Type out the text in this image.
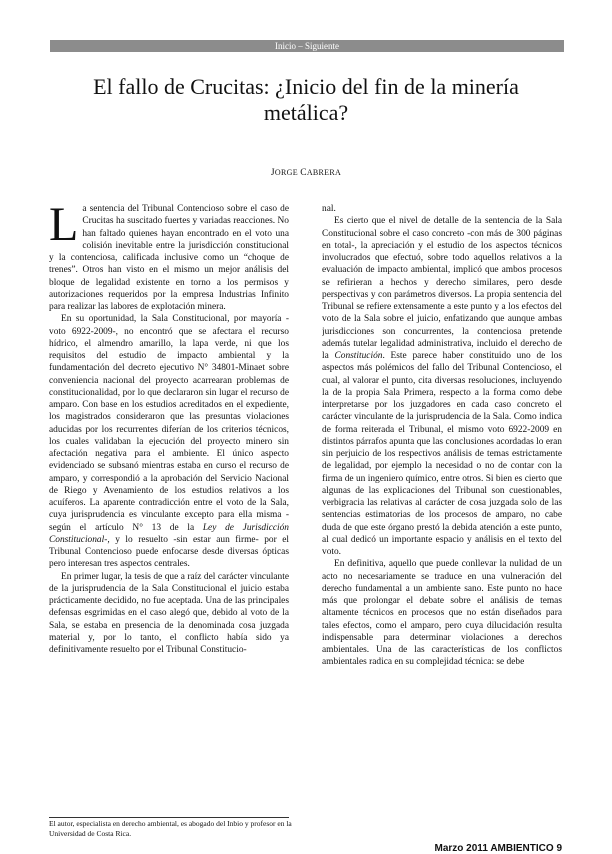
Inicio – Siguiente
El fallo de Crucitas: ¿Inicio del fin de la minería metálica?
JORGE CABRERA

La sentencia del Tribunal Contencioso sobre el caso de Crucitas ha suscitado fuertes y variadas reacciones. No han faltado quienes hayan encontrado en el voto una colisión inevitable entre la jurisdicción constitucional y la contenciosa, calificada inclusive como un “choque de trenes”. Otros han visto en el mismo un mejor análisis del bloque de legalidad existente en torno a los permisos y autorizaciones requeridos por la empresa Industrias Infinito para realizar las labores de explotación minera.

En su oportunidad, la Sala Constitucional, por mayoría -voto 6922-2009-, no encontró que se afectara el recurso hídrico, el almendro amarillo, la lapa verde, ni que los requisitos del estudio de impacto ambiental y la fundamentación del decreto ejecutivo N° 34801-Minaet sobre conveniencia nacional del proyecto acarrearan problemas de constitucionalidad, por lo que declararon sin lugar el recurso de amparo. Con base en los estudios acreditados en el expediente, los magistrados consideraron que las presuntas violaciones aducidas por los recurrentes diferían de los criterios técnicos, los cuales validaban la ejecución del proyecto minero sin afectación negativa para el ambiente. El único aspecto evidenciado se subsanó mientras estaba en curso el recurso de amparo, y correspondió a la aprobación del Servicio Nacional de Riego y Avenamiento de los estudios relativos a los acuíferos. La aparente contradicción entre el voto de la Sala, cuya jurisprudencia es vinculante excepto para ella misma -según el artículo N° 13 de la Ley de Jurisdicción Constitucional-, y lo resuelto -sin estar aun firme- por el Tribunal Contencioso puede enfocarse desde diversas ópticas pero interesan tres aspectos centrales.

En primer lugar, la tesis de que a raíz del carácter vinculante de la jurisprudencia de la Sala Constitucional el juicio estaba prácticamente decidido, no fue aceptada. Una de las principales defensas esgrimidas en el caso alegó que, debido al voto de la Sala, se estaba en presencia de la denominada cosa juzgada material y, por lo tanto, el conflicto había sido ya definitivamente resuelto por el Tribunal Constitucio-

nal.

Es cierto que el nivel de detalle de la sentencia de la Sala Constitucional sobre el caso concreto -con más de 300 páginas en total-, la apreciación y el estudio de los aspectos técnicos involucrados que efectuó, sobre todo aquellos relativos a la evaluación de impacto ambiental, implicó que ambos procesos se refirieran a hechos y derecho similares, pero desde perspectivas y con parámetros diversos. La propia sentencia del Tribunal se refiere extensamente a este punto y a los efectos del voto de la Sala sobre el juicio, enfatizando que aunque ambas jurisdicciones son concurrentes, la contenciosa pretende además tutelar legalidad administrativa, incluido el derecho de la Constitución. Este parece haber constituido uno de los aspectos más polémicos del fallo del Tribunal Contencioso, el cual, al valorar el punto, cita diversas resoluciones, incluyendo la de la propia Sala Primera, respecto a la forma como debe interpretarse por los juzgadores en cada caso concreto el carácter vinculante de la jurisprudencia de la Sala. Como indica de forma reiterada el Tribunal, el mismo voto 6922-2009 en distintos párrafos apunta que las conclusiones acordadas lo eran sin perjuicio de los respectivos análisis de temas estrictamente de legalidad, por ejemplo la necesidad o no de contar con la firma de un ingeniero químico, entre otros. Si bien es cierto que algunas de las explicaciones del Tribunal son cuestionables, verbigracia las relativas al carácter de cosa juzgada solo de las sentencias estimatorias de los procesos de amparo, no cabe duda de que este órgano prestó la debida atención a este punto, al cual dedicó un importante espacio y análisis en el texto del voto.

En definitiva, aquello que puede conllevar la nulidad de un acto no necesariamente se traduce en una vulneración del derecho fundamental a un ambiente sano. Este punto no hace más que prolongar el debate sobre el análisis de temas altamente técnicos en procesos que no están diseñados para tales efectos, como el amparo, pero cuya dilucidación resulta indispensable para determinar violaciones a derechos ambientales. Una de las características de los conflictos ambientales radica en su complejidad técnica: se debe

El autor, especialista en derecho ambiental, es abogado del Inbio y profesor en la Universidad de Costa Rica.
Marzo 2011 AMBIENTICO 9
